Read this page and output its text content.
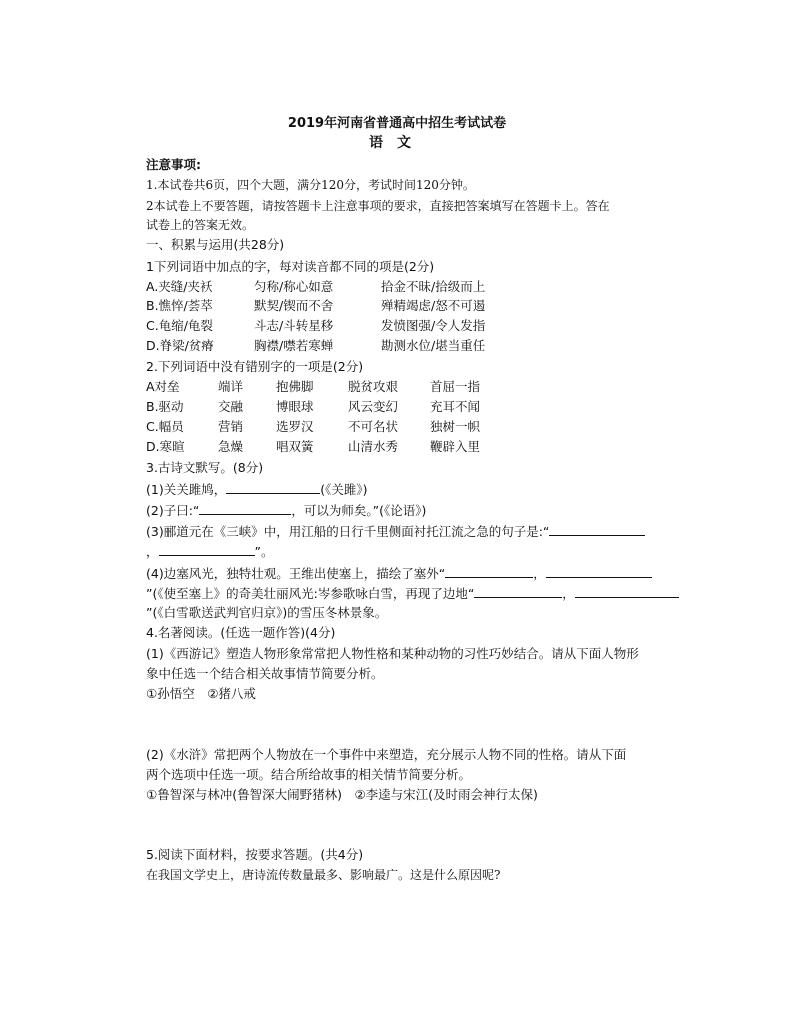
2019年河南省普通高中招生考试试卷
语文
注意事项:
1.本试卷共6页，四个大题，满分120分，考试时间120分钟。
2本试卷上不要答题，请按答题卡上注意事项的要求，直接把答案填写在答题卡上。答在
试卷上的答案无效。
一、积累与运用(共28分)
1下列词语中加点的字，每对读音都不同的项是(2分)
A.夹缝/夹袄	匀称/称心如意	拾金不昧/拾级而上
B.憔悴/荟萃	默契/锲而不舍	殚精竭虑/怒不可遏
C.龟缩/龟裂	斗志/斗转星移	发愤图强/令人发指
D.脊梁/贫瘠	胸襟/噤若寒蝉	勘测水位/堪当重任
2.下列词语中没有错别字的一项是(2分)
A对垒	端详	抱佛脚	脱贫攻艰	首屈一指
B.驱动	交融	博眼球	风云变幻	充耳不闻
C.幅员	营销	选罗汉	不可名状	独树一帜
D.寒暄	急燥	唱双簧	山清水秀	鞭辟入里
3.古诗文默写。(8分)
(1)关关雎鸠，	(《关雎》)
(2)子曰:“	，可以为师矣。”(《论语》)
(3)郦道元在《三峡》中，用江船的日行千里侧面衬托江流之急的句子是:“
，	”。
(4)边塞风光，独特壮观。王维出使塞上，描绘了塞外“	，
”(《使至塞上》的奇美壮丽风光:岑参歌咏白雪，再现了边地“	，
”(《白雪歌送武判官归京》)的雪压冬林景象。
4.名著阅读。(任选一题作答)(4分)
(1)《西游记》塑造人物形象常常把人物性格和某种动物的习性巧妙结合。请从下面人物形
象中任选一个结合相关故事情节简要分析。
①孙悟空　②猪八戒
(2)《水浒》常把两个人物放在一个事件中来塑造，充分展示人物不同的性格。请从下面
两个选项中任选一项。结合所给故事的相关情节简要分析。
①鲁智深与林冲(鲁智深大闹野猪林)　②李逵与宋江(及时雨会神行太保)
5.阅读下面材料，按要求答题。(共4分)
在我国文学史上，唐诗流传数量最多、影响最广。这是什么原因呢?
